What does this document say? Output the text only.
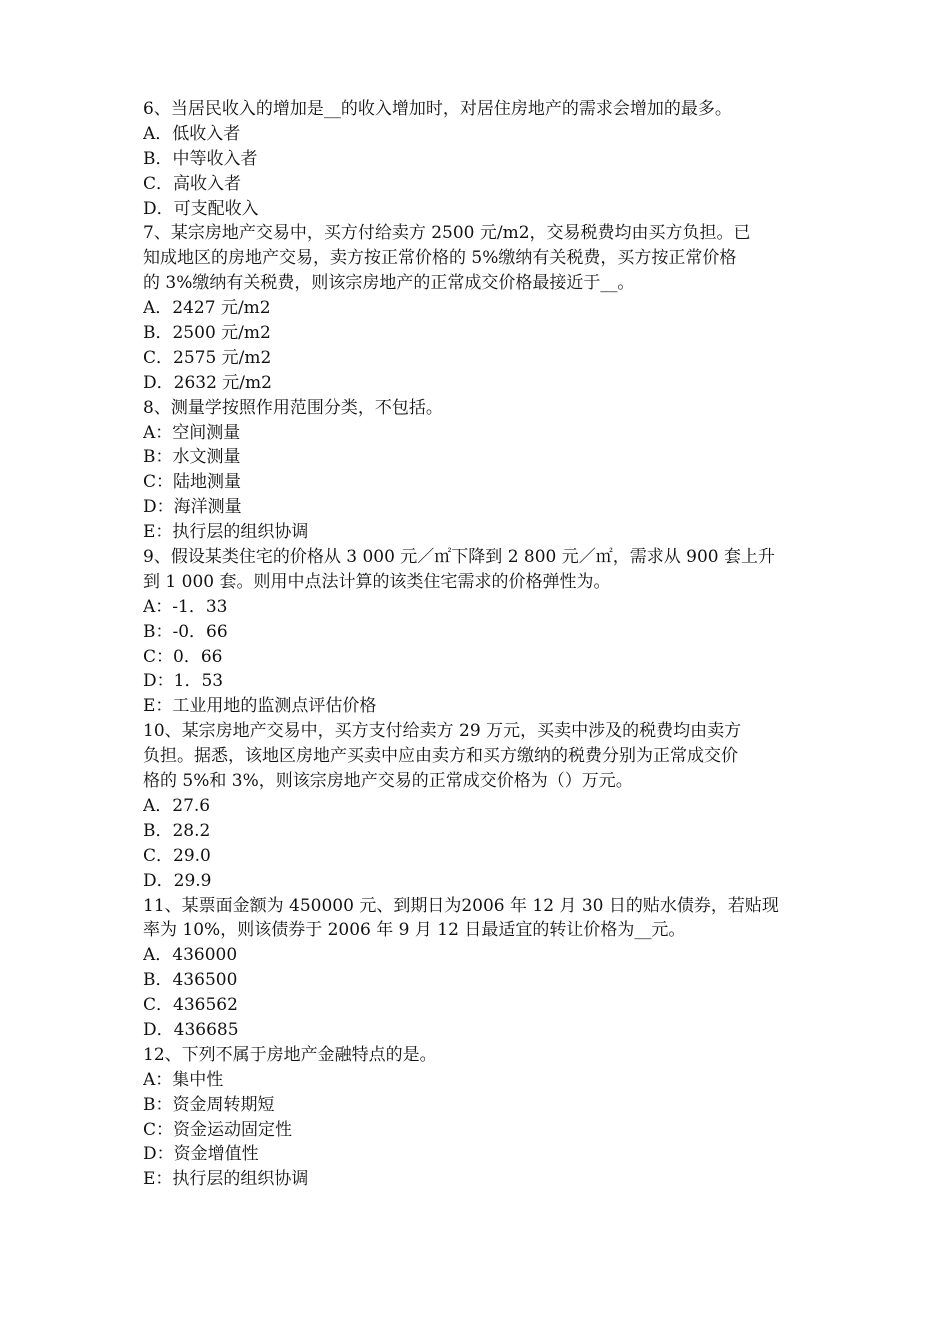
6、当居民收入的增加是__的收入增加时，对居住房地产的需求会增加的最多。
A．低收入者
B．中等收入者
C．高收入者
D．可支配收入
7、某宗房地产交易中，买方付给卖方 2500 元/m2，交易税费均由买方负担。已
知成地区的房地产交易，卖方按正常价格的 5%缴纳有关税费，买方按正常价格
的 3%缴纳有关税费，则该宗房地产的正常成交价格最接近于__。
A．2427 元/m2
B．2500 元/m2
C．2575 元/m2
D．2632 元/m2
8、测量学按照作用范围分类，不包括。
A：空间测量
B：水文测量
C：陆地测量
D：海洋测量
E：执行层的组织协调
9、假设某类住宅的价格从 3 000 元／㎡下降到 2 800 元／㎡，需求从 900 套上升
到 1 000 套。则用中点法计算的该类住宅需求的价格弹性为。
A：-1．33
B：-0．66
C：0．66
D：1．53
E：工业用地的监测点评估价格
10、某宗房地产交易中，买方支付给卖方 29 万元，买卖中涉及的税费均由卖方
负担。据悉，该地区房地产买卖中应由卖方和买方缴纳的税费分别为正常成交价
格的 5%和 3%，则该宗房地产交易的正常成交价格为（）万元。
A．27.6
B．28.2
C．29.0
D．29.9
11、某票面金额为 450000 元、到期日为2006 年 12 月 30 日的贴水债券，若贴现
率为 10%，则该债券于 2006 年 9 月 12 日最适宜的转让价格为__元。
A．436000
B．436500
C．436562
D．436685
12、下列不属于房地产金融特点的是。
A：集中性
B：资金周转期短
C：资金运动固定性
D：资金增值性
E：执行层的组织协调
